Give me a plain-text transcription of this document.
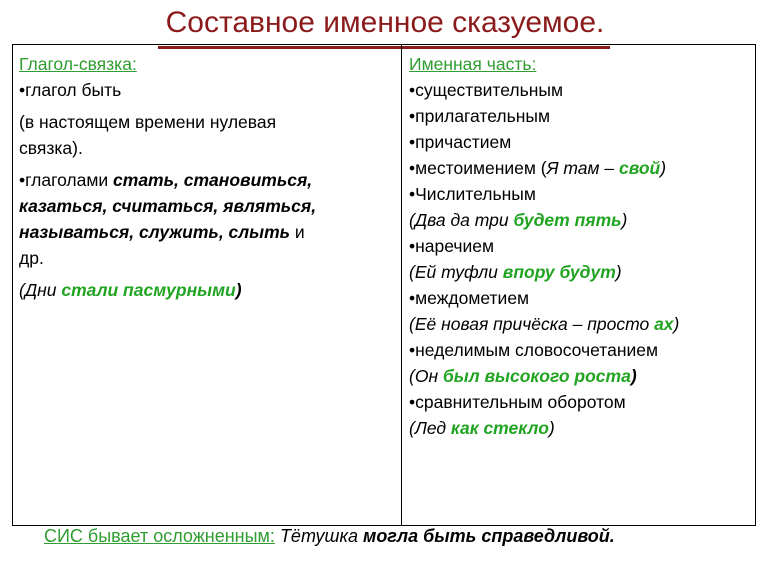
Составное именное сказуемое.
Глагол-связка:
•глагол быть
(в настоящем времени нулевая
связка).
•глаголами стать, становиться,
казаться, считаться, являться,
называться, служить, слыть и
др.
(Дни стали пасмурными)
Именная часть:
•существительным
•прилагательным
•причастием
•местоимением (Я там – свой)
•Числительным
(Два да три будет пять)
•наречием
(Ей туфли впору будут)
•междометием
(Её новая причёска – просто ах)
•неделимым словосочетанием
(Он был высокого роста)
•сравнительным оборотом
(Лед как стекло)
СИС бывает осложненным: Тётушка могла быть справедливой.
